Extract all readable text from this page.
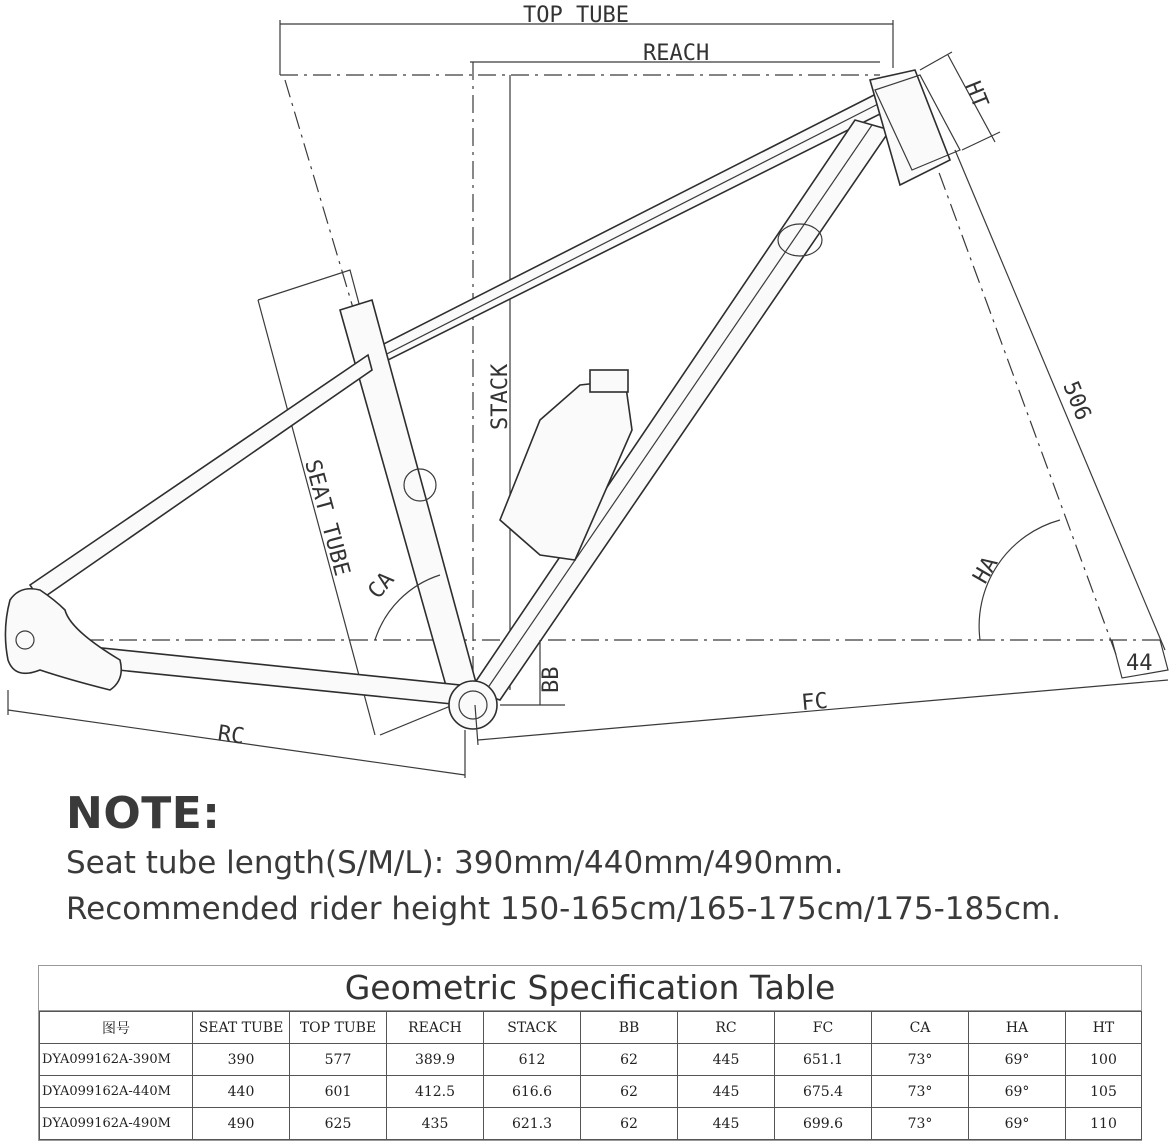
TOP TUBE
REACH
STACK
SEAT TUBE
CA	HA
HT
506
44
BB
FC
RC

NOTE:

Seat tube length(S/M/L): 390mm/440mm/490mm.

Recommended rider height 150-165cm/165-175cm/175-185cm.

Geometric Specification Table
图号	SEAT TUBE	TOP TUBE	REACH	STACK	BB	RC	FC	CA	HA	HT
DYA099162A-390M	390	577	389.9	612	62	445	651.1	73°	69°	100
DYA099162A-440M	440	601	412.5	616.6	62	445	675.4	73°	69°	105
DYA099162A-490M	490	625	435	621.3	62	445	699.6	73°	69°	110
